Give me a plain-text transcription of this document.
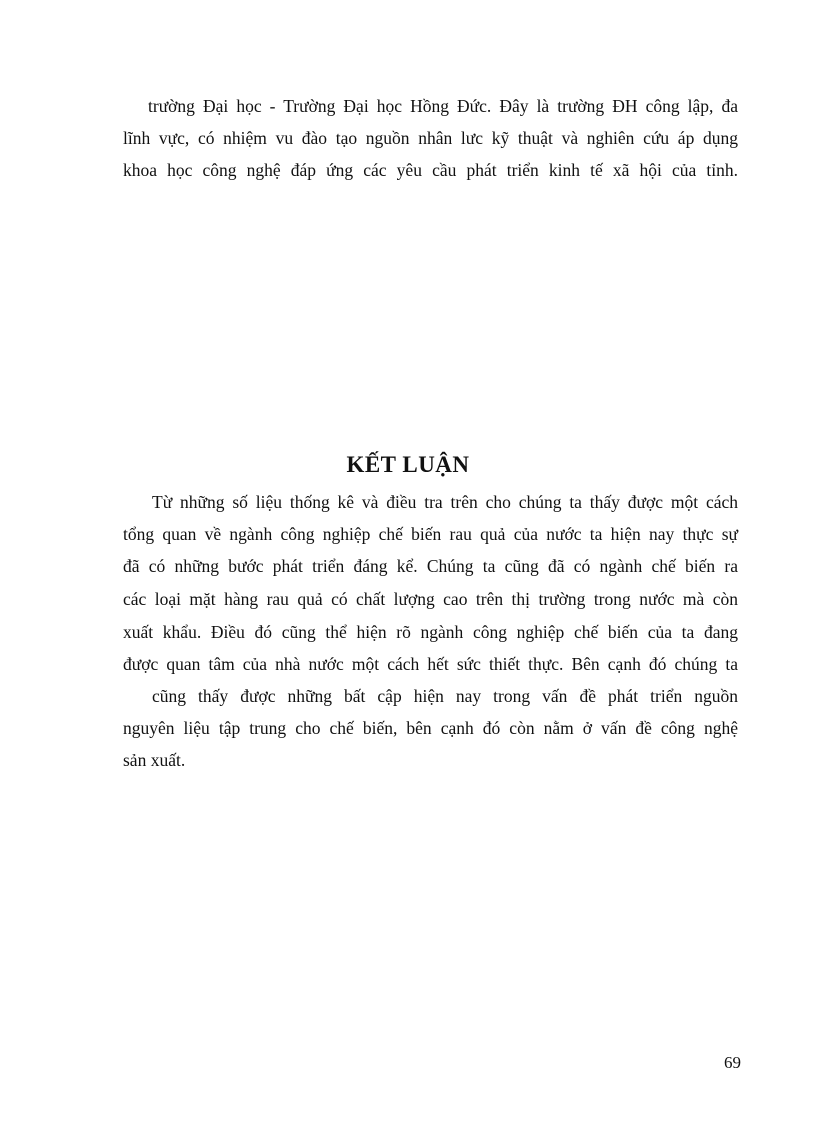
trường Đại học - Trường Đại học Hồng Đức. Đây là trường ĐH công lập, đa
lĩnh vực, có nhiệm vu đào tạo nguồn nhân lưc kỹ thuật và nghiên cứu áp dụng
khoa học công nghệ đáp ứng các yêu cầu phát triển kinh tế xã hội của tỉnh.
KẾT LUẬN
Từ những số liệu thống kê và điều tra trên cho chúng ta thấy được một cách
tổng quan về ngành công nghiệp chế biến rau quả của nước ta hiện nay thực sự
đã có những bước phát triển đáng kể. Chúng ta cũng đã có ngành chế biến ra
các loại mặt hàng rau quả có chất lượng cao trên thị trường trong nước mà còn
xuất khẩu. Điều đó cũng thể hiện rõ ngành công nghiệp chế biến của ta đang
được quan tâm của nhà nước một cách hết sức thiết thực. Bên cạnh đó chúng ta
cũng thấy được những bất cập hiện nay trong vấn đề phát triển nguồn
nguyên liệu tập trung cho chế biến, bên cạnh đó còn nằm ở vấn đề công nghệ
sản xuất.
69
